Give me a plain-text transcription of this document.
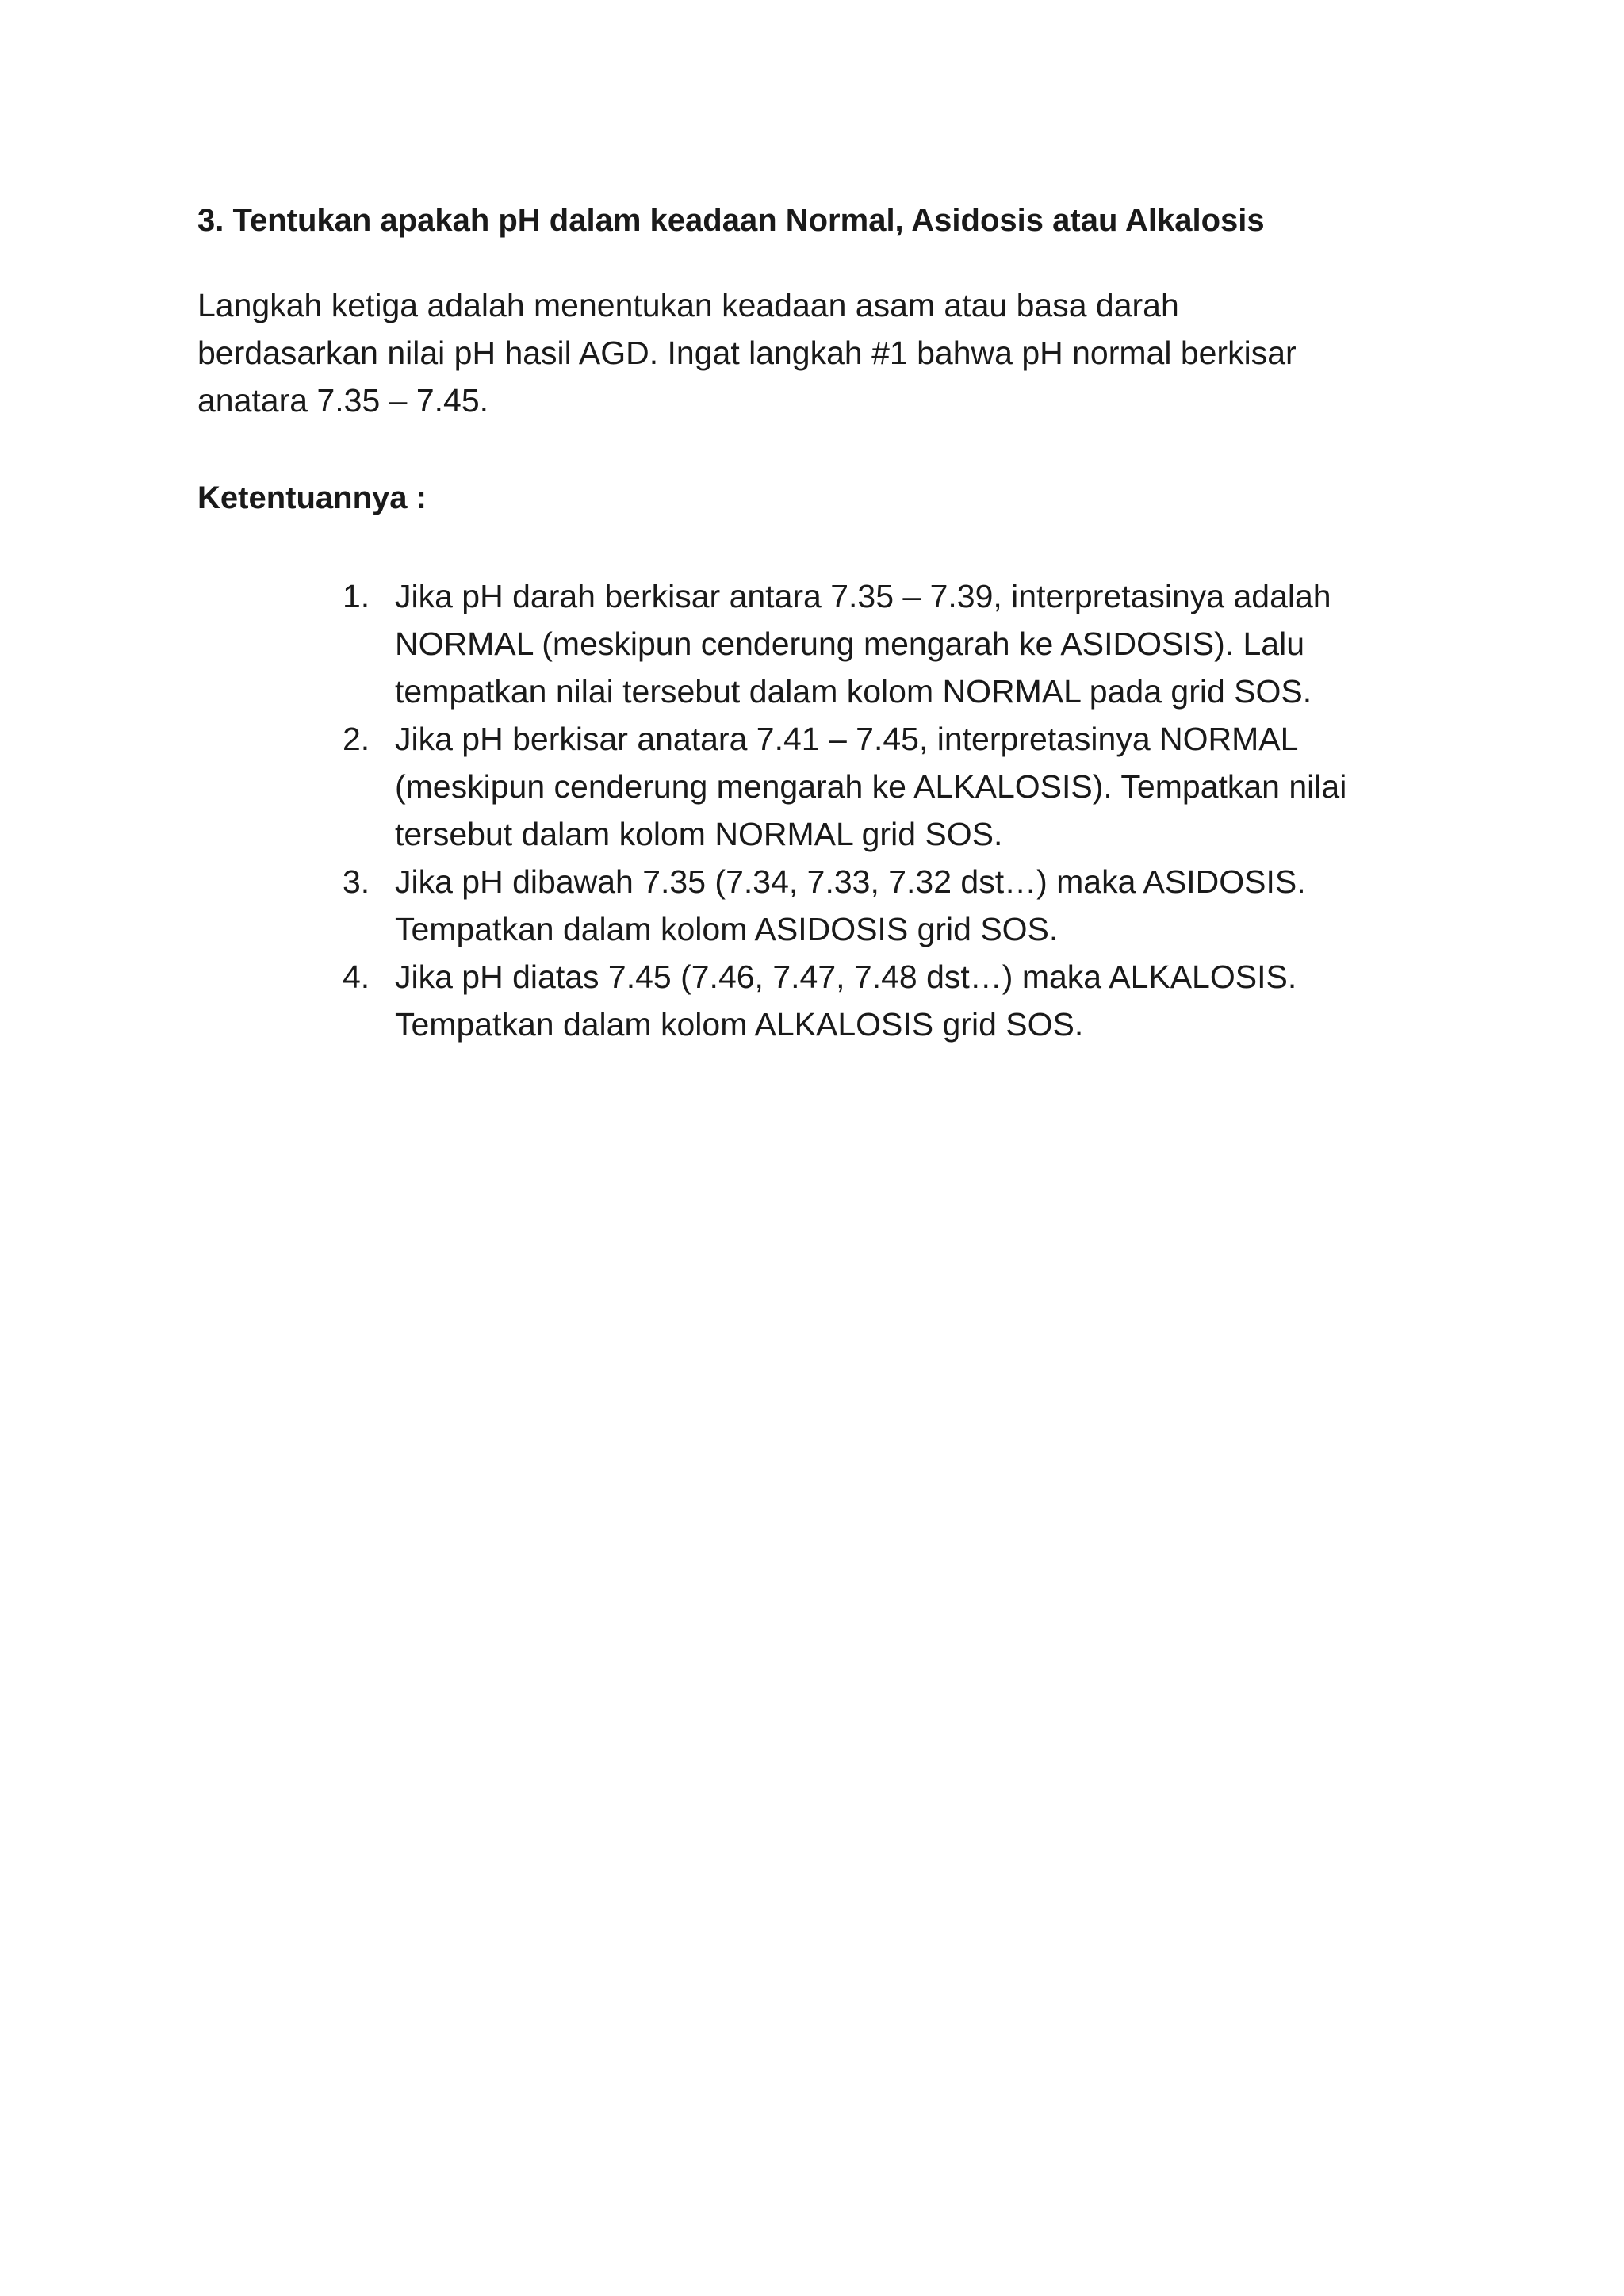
3. Tentukan apakah pH dalam keadaan Normal, Asidosis atau Alkalosis

Langkah ketiga adalah menentukan keadaan asam atau basa darah
berdasarkan nilai pH hasil AGD. Ingat langkah #1 bahwa pH normal berkisar
anatara 7.35 – 7.45.

Ketentuannya :
1. Jika pH darah berkisar antara 7.35 – 7.39, interpretasinya adalah
NORMAL (meskipun cenderung mengarah ke ASIDOSIS). Lalu
tempatkan nilai tersebut dalam kolom NORMAL pada grid SOS.
2. Jika pH berkisar anatara 7.41 – 7.45, interpretasinya NORMAL
(meskipun cenderung mengarah ke ALKALOSIS). Tempatkan nilai
tersebut dalam kolom NORMAL grid SOS.
3. Jika pH dibawah 7.35 (7.34, 7.33, 7.32 dst…) maka ASIDOSIS.
Tempatkan dalam kolom ASIDOSIS grid SOS.
4. Jika pH diatas 7.45 (7.46, 7.47, 7.48 dst…) maka ALKALOSIS.
Tempatkan dalam kolom ALKALOSIS grid SOS.
